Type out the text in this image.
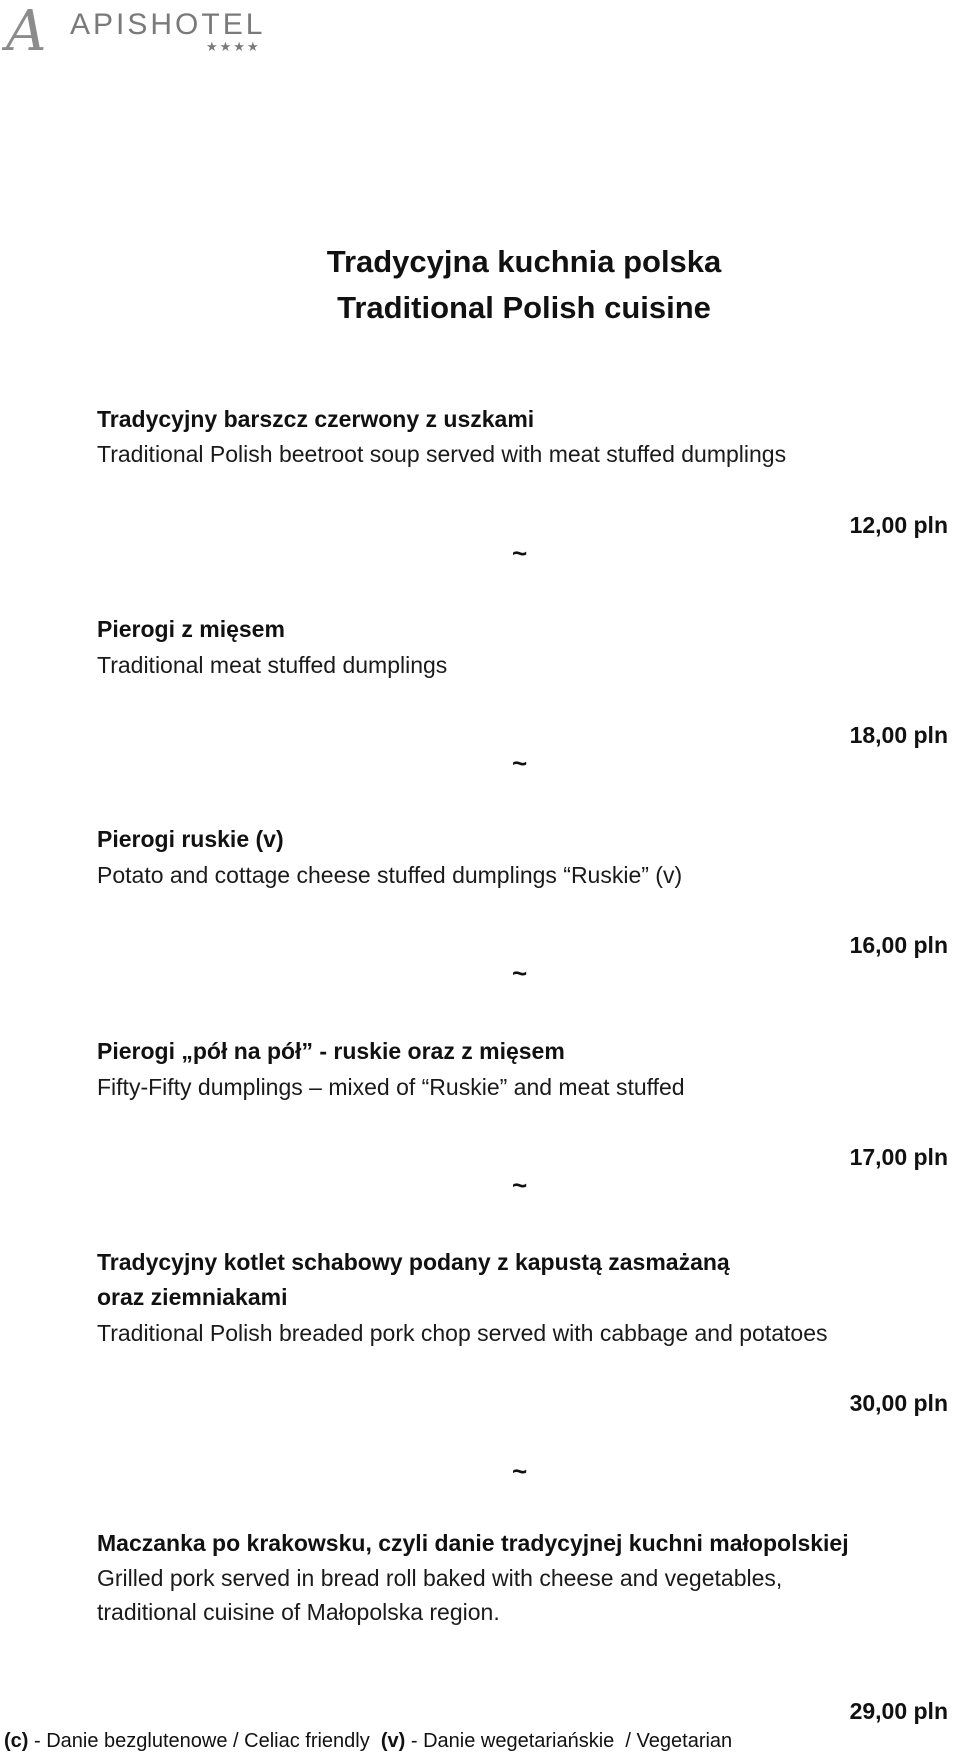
A APISHOTEL
★★★★
Tradycyjna kuchnia polska
Traditional Polish cuisine
Tradycyjny barszcz czerwony z uszkami
Traditional Polish beetroot soup served with meat stuffed dumplings
12,00 pln
~
Pierogi z mięsem
Traditional meat stuffed dumplings
18,00 pln
~
Pierogi ruskie (v)
Potato and cottage cheese stuffed dumplings “Ruskie” (v)
16,00 pln
~
Pierogi „pół na pół” - ruskie oraz z mięsem
Fifty-Fifty dumplings – mixed of “Ruskie” and meat stuffed
17,00 pln
~
Tradycyjny kotlet schabowy podany z kapustą zasmażaną
oraz ziemniakami
Traditional Polish breaded pork chop served with cabbage and potatoes
30,00 pln
~
Maczanka po krakowsku, czyli danie tradycyjnej kuchni małopolskiej
Grilled pork served in bread roll baked with cheese and vegetables,
traditional cuisine of Małopolska region.
29,00 pln
(c) - Danie bezglutenowe / Celiac friendly  (v) - Danie wegetariańskie  / Vegetarian
